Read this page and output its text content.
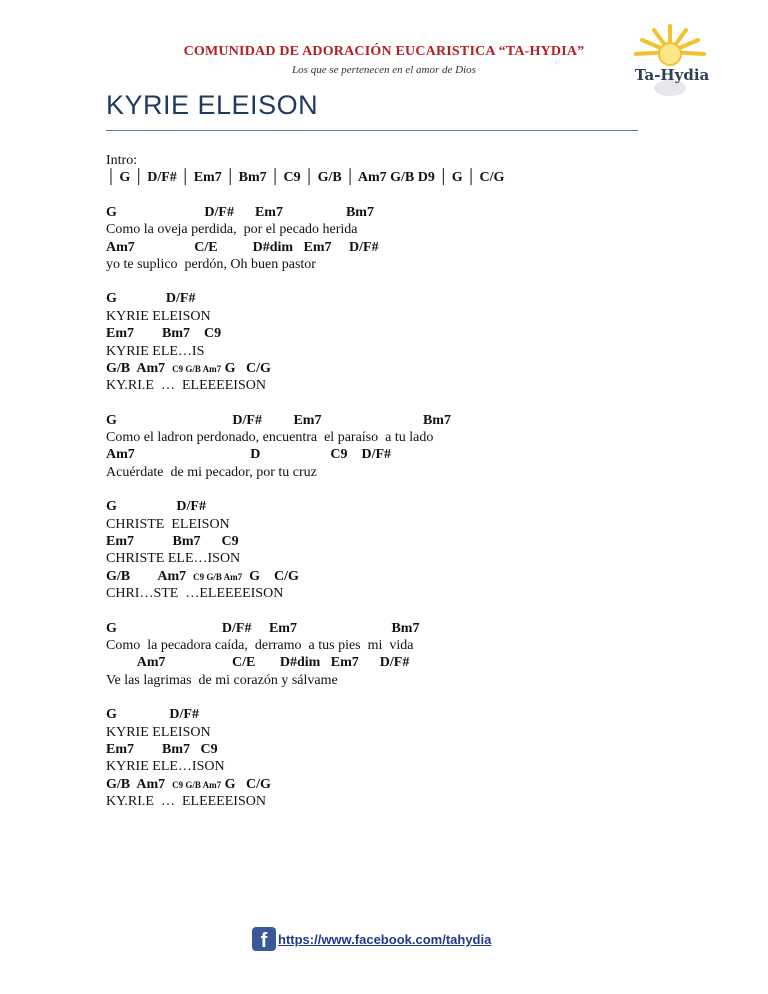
COMUNIDAD DE ADORACIÓN EUCARISTICA “TA-HYDIA”
Los que se pertenecen en el amor de Dios	Ta-Hydia
KYRIE ELEISON
Intro:
│ G │ D/F# │ Em7 │ Bm7 │ C9 │ G/B │ Am7 G/B D9 │ G │ C/G
G                         D/F#      Em7                  Bm7
Como la oveja perdida,  por el pecado herida
Am7                 C/E          D#dim   Em7     D/F#
yo te suplico  perdón, Oh buen pastor
G              D/F#
KYRIE ELEISON
Em7        Bm7    C9
KYRIE ELE…IS
G/B  Am7  C9 G/B Am7 G   C/G
KY.RI.E  …  ELEEEEISON
G                                 D/F#         Em7                             Bm7
Como el ladron perdonado, encuentra  el paraíso  a tu lado
Am7                                 D                    C9    D/F#
Acuérdate  de mi pecador, por tu cruz
G                 D/F#
CHRISTE  ELEISON
Em7           Bm7      C9
CHRISTE ELE…ISON
G/B        Am7  C9 G/B Am7  G    C/G
CHRI…STE  …ELEEEEISON
G                              D/F#     Em7                           Bm7
Como  la pecadora caída,  derramo  a tus pies  mi  vida
Am7                   C/E       D#dim   Em7      D/F#
Ve las lagrimas  de mi corazón y sálvame
G               D/F#
KYRIE ELEISON
Em7        Bm7   C9
KYRIE ELE…ISON
G/B  Am7  C9 G/B Am7 G   C/G
KY.RI.E  …  ELEEEEISON
f https://www.facebook.com/tahydia
